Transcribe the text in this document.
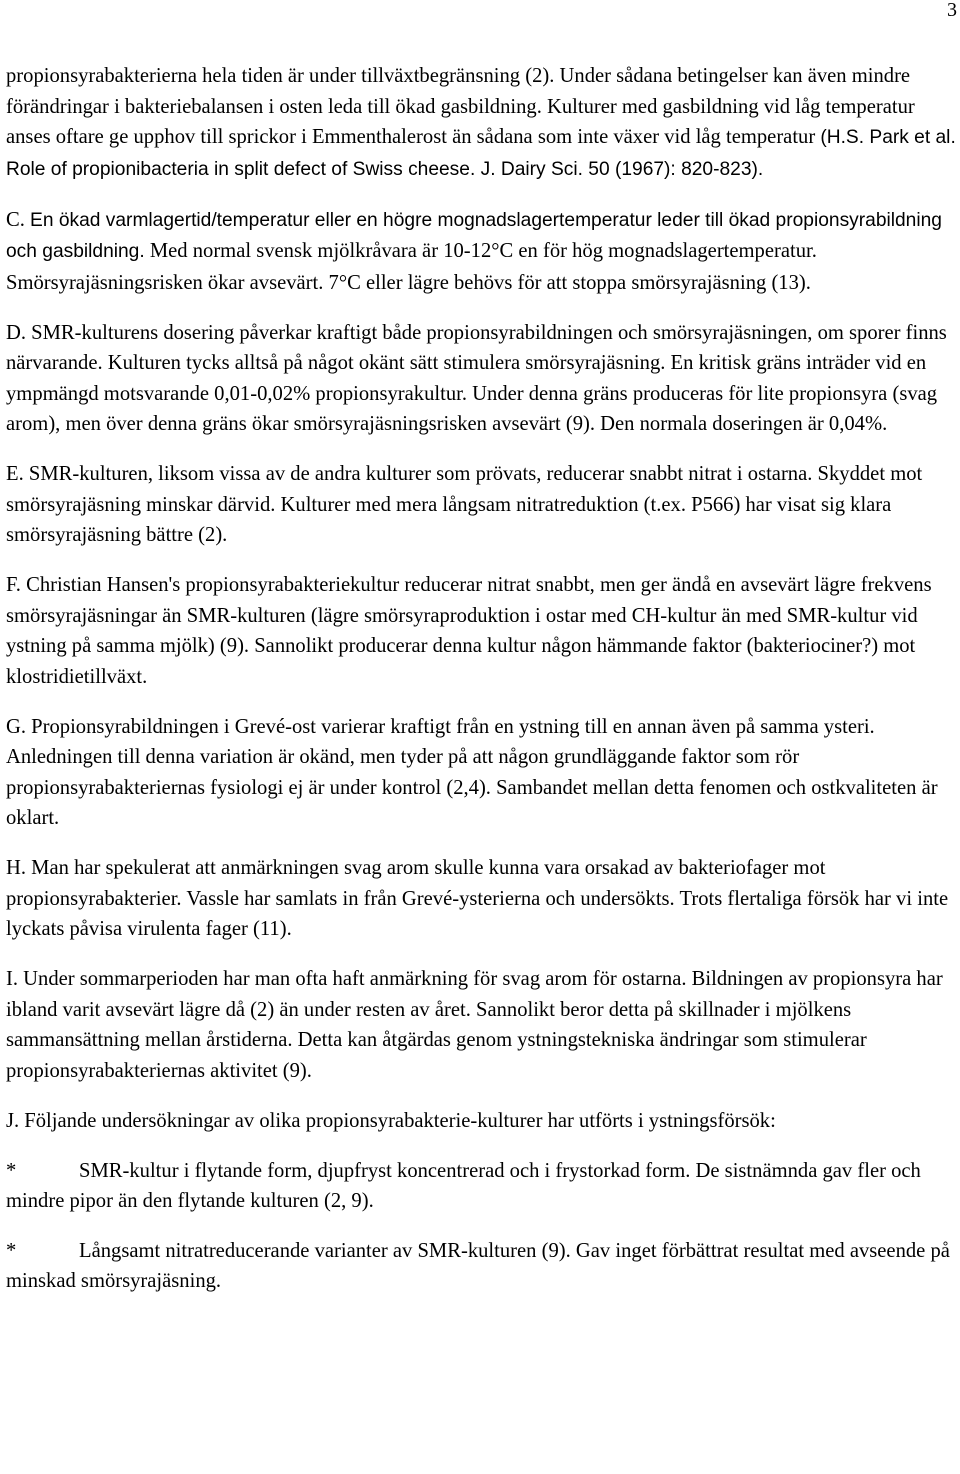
3

propionsyrabakterierna hela tiden är under tillväxtbegränsning (2). Under sådana betingelser kan även mindre förändringar i bakteriebalansen i osten leda till ökad gasbildning. Kulturer med gasbildning vid låg temperatur anses oftare ge upphov till sprickor i Emmenthalerost än sådana som inte växer vid låg temperatur (H.S. Park et al. Role of propionibacteria in split defect of Swiss cheese. J. Dairy Sci. 50 (1967): 820-823).

C. En ökad varmlagertid/temperatur eller en högre mognadslagertemperatur leder till ökad propionsyrabildning och gasbildning. Med normal svensk mjölkråvara är 10-12°C en för hög mognadslagertemperatur. Smörsyrajäsningsrisken ökar avsevärt. 7°C eller lägre behövs för att stoppa smörsyrajäsning (13).

D. SMR-kulturens dosering påverkar kraftigt både propionsyrabildningen och smörsyrajäsningen, om sporer finns närvarande. Kulturen tycks alltså på något okänt sätt stimulera smörsyrajäsning. En kritisk gräns inträder vid en ympmängd motsvarande 0,01-0,02% propionsyrakultur. Under denna gräns produceras för lite propionsyra (svag arom), men över denna gräns ökar smörsyrajäsningsrisken avsevärt (9). Den normala doseringen är 0,04%.

E. SMR-kulturen, liksom vissa av de andra kulturer som prövats, reducerar snabbt nitrat i ostarna. Skyddet mot smörsyrajäsning minskar därvid. Kulturer med mera långsam nitratreduktion (t.ex. P566) har visat sig klara smörsyrajäsning bättre (2).

F. Christian Hansen's propionsyrabakteriekultur reducerar nitrat snabbt, men ger ändå en avsevärt lägre frekvens smörsyrajäsningar än SMR-kulturen (lägre smörsyraproduktion i ostar med CH-kultur än med SMR-kultur vid ystning på samma mjölk) (9). Sannolikt producerar denna kultur någon hämmande faktor (bakteriociner?) mot klostridietillväxt.

G. Propionsyrabildningen i Grevé-ost varierar kraftigt från en ystning till en annan även på samma ysteri. Anledningen till denna variation är okänd, men tyder på att någon grundläggande faktor som rör propionsyrabakteriernas fysiologi ej är under kontrol (2,4). Sambandet mellan detta fenomen och ostkvaliteten är oklart.

H. Man har spekulerat att anmärkningen svag arom skulle kunna vara orsakad av bakteriofager mot propionsyrabakterier. Vassle har samlats in från Grevé-ysterierna och undersökts. Trots flertaliga försök har vi inte lyckats påvisa virulenta fager (11).

I. Under sommarperioden har man ofta haft anmärkning för svag arom för ostarna. Bildningen av propionsyra har ibland varit avsevärt lägre då (2) än under resten av året. Sannolikt beror detta på skillnader i mjölkens sammansättning mellan årstiderna. Detta kan åtgärdas genom ystningstekniska ändringar som stimulerar propionsyrabakteriernas aktivitet (9).

J. Följande undersökningar av olika propionsyrabakterie-kulturer har utförts i ystningsförsök:

*	SMR-kultur i flytande form, djupfryst koncentrerad och i frystorkad form. De sistnämnda gav fler och mindre pipor än den flytande kulturen (2, 9).

*	Långsamt nitratreducerande varianter av SMR-kulturen (9). Gav inget förbättrat resultat med avseende på minskad smörsyrajäsning.
